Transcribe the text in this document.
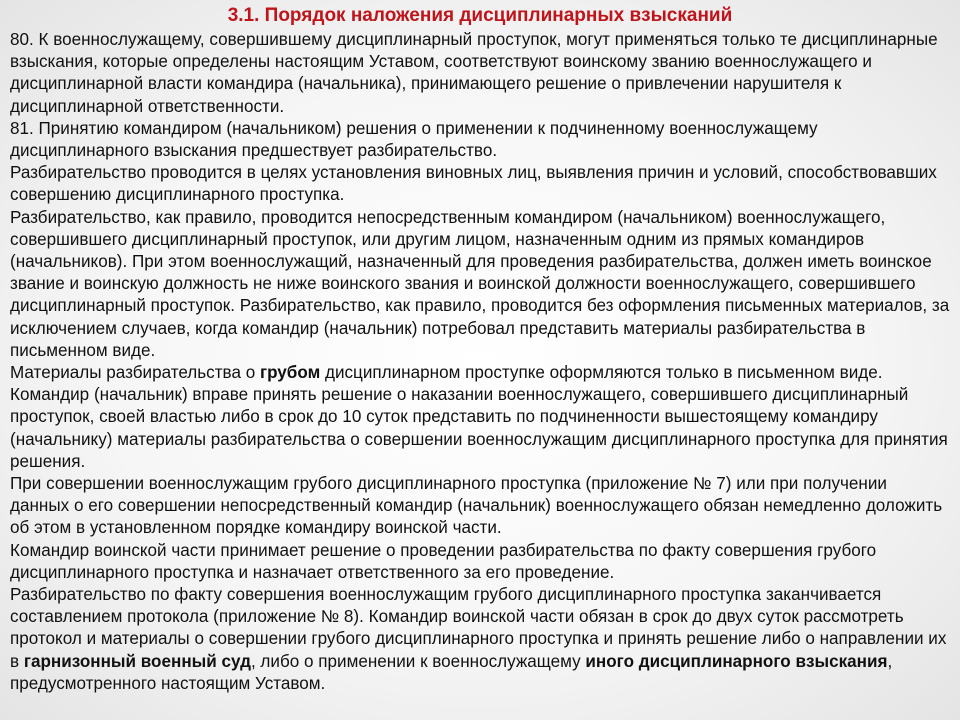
3.1. Порядок наложения дисциплинарных взысканий

80. К военнослужащему, совершившему дисциплинарный проступок, могут применяться только те дисциплинарные взыскания, которые определены настоящим Уставом, соответствуют воинскому званию военнослужащего и дисциплинарной власти командира (начальника), принимающего решение о привлечении нарушителя к дисциплинарной ответственности.

81. Принятию командиром (начальником) решения о применении к подчиненному военнослужащему дисциплинарного взыскания предшествует разбирательство.

Разбирательство проводится в целях установления виновных лиц, выявления причин и условий, способствовавших совершению дисциплинарного проступка.

Разбирательство, как правило, проводится непосредственным командиром (начальником) военнослужащего, совершившего дисциплинарный проступок, или другим лицом, назначенным одним из прямых командиров (начальников). При этом военнослужащий, назначенный для проведения разбирательства, должен иметь воинское звание и воинскую должность не ниже воинского звания и воинской должности военнослужащего, совершившего дисциплинарный проступок. Разбирательство, как правило, проводится без оформления письменных материалов, за исключением случаев, когда командир (начальник) потребовал представить материалы разбирательства в письменном виде.

Материалы разбирательства о грубом дисциплинарном проступке оформляются только в письменном виде. Командир (начальник) вправе принять решение о наказании военнослужащего, совершившего дисциплинарный проступок, своей властью либо в срок до 10 суток представить по подчиненности вышестоящему командиру (начальнику) материалы разбирательства о совершении военнослужащим дисциплинарного проступка для принятия решения.

При совершении военнослужащим грубого дисциплинарного проступка (приложение № 7) или при получении данных о его совершении непосредственный командир (начальник) военнослужащего обязан немедленно доложить об этом в установленном порядке командиру воинской части.

Командир воинской части принимает решение о проведении разбирательства по факту совершения грубого дисциплинарного проступка и назначает ответственного за его проведение.

Разбирательство по факту совершения военнослужащим грубого дисциплинарного проступка заканчивается составлением протокола (приложение № 8). Командир воинской части обязан в срок до двух суток рассмотреть протокол и материалы о совершении грубого дисциплинарного проступка и принять решение либо о направлении их в гарнизонный военный суд, либо о применении к военнослужащему иного дисциплинарного взыскания, предусмотренного настоящим Уставом.
